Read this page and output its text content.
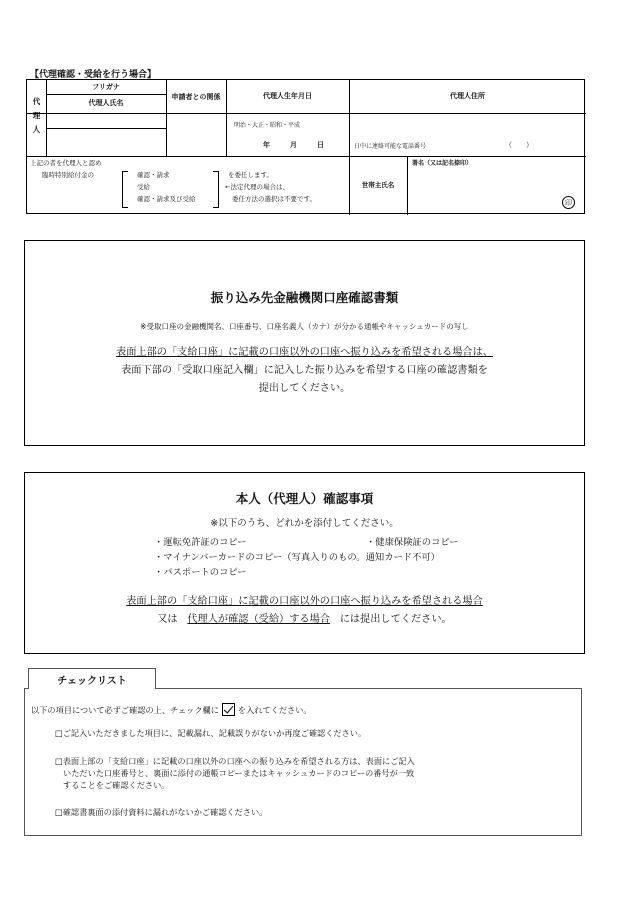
【代理確認・受給を行う場合】
代
理
人
フリガナ
代理人氏名
申請者との関係	代理人生年月日	代理人住所
明治・大正・昭和・平成
年	月	日	日中に連絡可能な電話番号	（　　）
上記の者を代理人と認め
臨時特別給付金の	確認・請求
受給
確認・請求及び受給
を委任します。
←法定代理の場合は、
委任方法の選択は不要です。
世帯主氏名
署名（又は記名捺印）
印
振り込み先金融機関口座確認書類
※受取口座の金融機関名、口座番号、口座名義人（カナ）が分かる通帳やキャッシュカードの写し
表面上部の「支給口座」に記載の口座以外の口座へ振り込みを希望される場合は、
表面下部の「受取口座記入欄」に記入した振り込みを希望する口座の確認書類を
提出してください。
本人（代理人）確認事項
※以下のうち、どれかを添付してください。
・運転免許証のコピー	・健康保険証のコピー
・マイナンバーカードのコピー（写真入りのもの。通知カード不可）
・パスポートのコピー
表面上部の「支給口座」に記載の口座以外の口座へ振り込みを希望される場合
又は 代理人が確認（受給）する場合 には提出してください。
チェックリスト
以下の項目について必ずご確認の上、チェック欄に を入れてください。
□ご記入いただきました項目に、記載漏れ、記載誤りがないか再度ご確認ください。
□表面上部の「支給口座」に記載の口座以外の口座への振り込みを希望される方は、表面にご記入
いただいた口座番号と、裏面に添付の通帳コピーまたはキャッシュカードのコピーの番号が一致
することをご確認ください。
□確認書裏面の添付資料に漏れがないかご確認ください。
